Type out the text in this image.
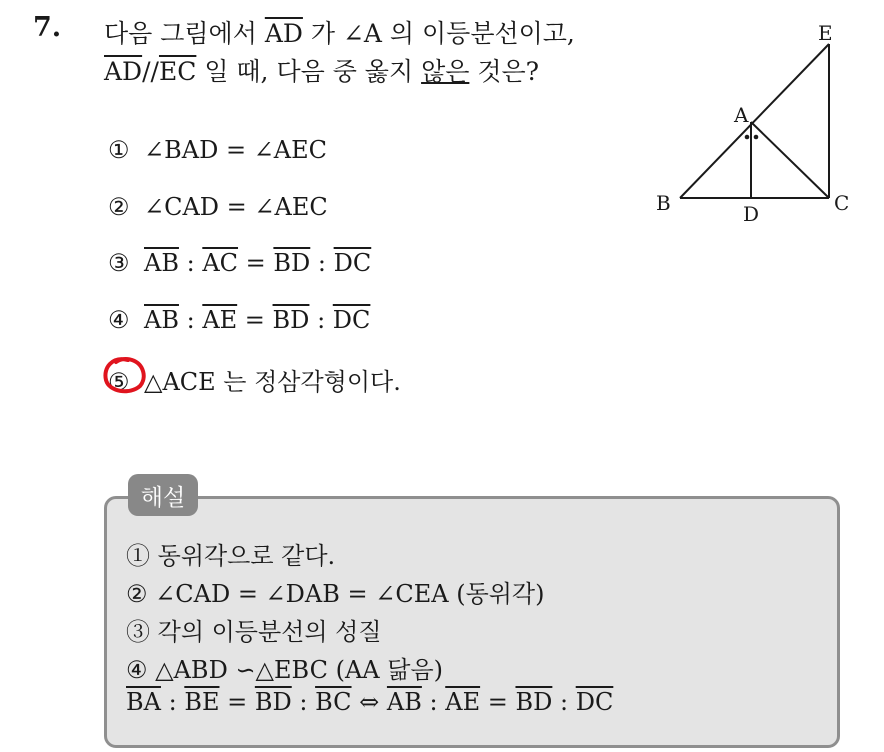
7. 다음 그림에서 $\overline{AD}$ 가 ∠A 의 이등분선이고,
$\overline{AD}//\overline{EC}$ 일 때, 다음 중 옳지 않은 것은?
① ∠BAD = ∠AEC
② ∠CAD = ∠AEC
③ $\overline{AB}$ : $\overline{AC} = \overline{BD}$ : $\overline{DC}$
④ $\overline{AB}$ : $\overline{AE} = \overline{BD}$ : $\overline{DC}$
⑤ △ACE 는 정삼각형이다.
A
B	C
D
E
해설
① 동위각으로 같다.
② ∠CAD = ∠DAB = ∠CEA (동위각)
③ 각의 이등분선의 성질
④ △ABD ∽△EBC (AA 닮음)
$\overline{BA}$ : $\overline{BE} = \overline{BD}$ : $\overline{BC}$ ⇔ $\overline{AB}$ : $\overline{AE} = \overline{BD}$ : $\overline{DC}$
